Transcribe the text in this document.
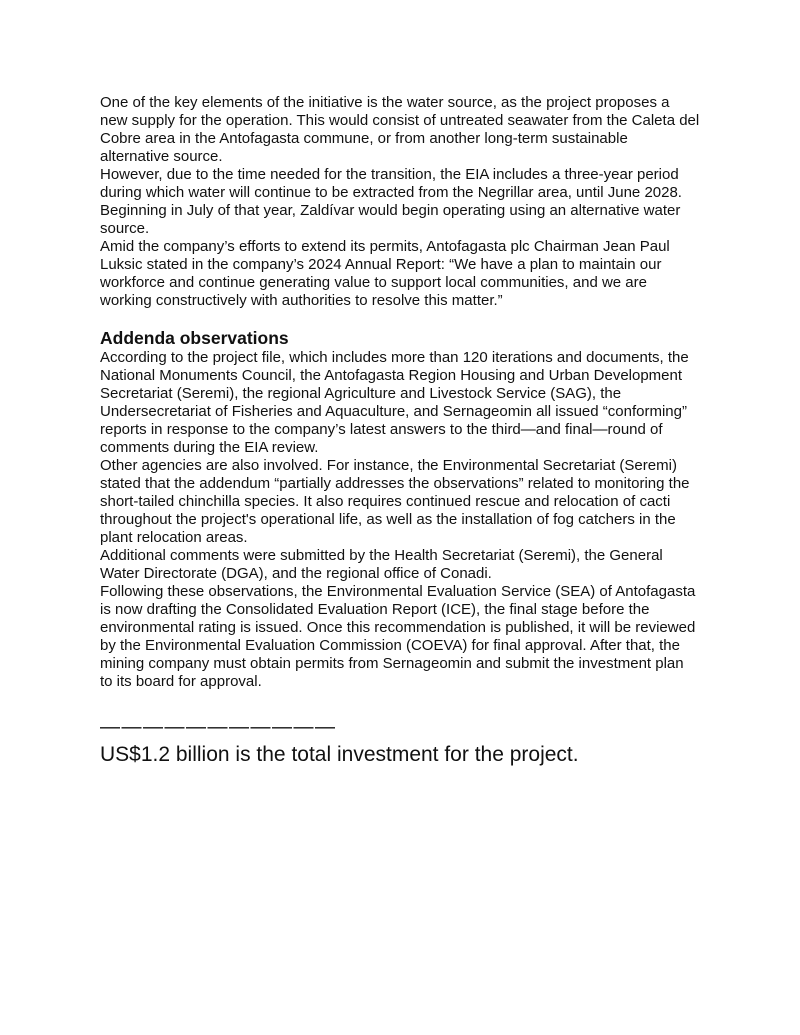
One of the key elements of the initiative is the water source, as the project proposes a new supply for the operation. This would consist of untreated seawater from the Caleta del Cobre area in the Antofagasta commune, or from another long-term sustainable alternative source.

However, due to the time needed for the transition, the EIA includes a three-year period during which water will continue to be extracted from the Negrillar area, until June 2028. Beginning in July of that year, Zaldívar would begin operating using an alternative water source.

Amid the company’s efforts to extend its permits, Antofagasta plc Chairman Jean Paul Luksic stated in the company’s 2024 Annual Report: “We have a plan to maintain our workforce and continue generating value to support local communities, and we are working constructively with authorities to resolve this matter.”

Addenda observations

According to the project file, which includes more than 120 iterations and documents, the National Monuments Council, the Antofagasta Region Housing and Urban Development Secretariat (Seremi), the regional Agriculture and Livestock Service (SAG), the Undersecretariat of Fisheries and Aquaculture, and Sernageomin all issued “conforming” reports in response to the company’s latest answers to the third—and final—round of comments during the EIA review.

Other agencies are also involved. For instance, the Environmental Secretariat (Seremi) stated that the addendum “partially addresses the observations” related to monitoring the short-tailed chinchilla species. It also requires continued rescue and relocation of cacti throughout the project's operational life, as well as the installation of fog catchers in the plant relocation areas.

Additional comments were submitted by the Health Secretariat (Seremi), the General Water Directorate (DGA), and the regional office of Conadi.

Following these observations, the Environmental Evaluation Service (SEA) of Antofagasta is now drafting the Consolidated Evaluation Report (ICE), the final stage before the environmental rating is issued. Once this recommendation is published, it will be reviewed by the Environmental Evaluation Commission (COEVA) for final approval. After that, the mining company must obtain permits from Sernageomin and submit the investment plan to its board for approval.

———————————

US$1.2 billion is the total investment for the project.
